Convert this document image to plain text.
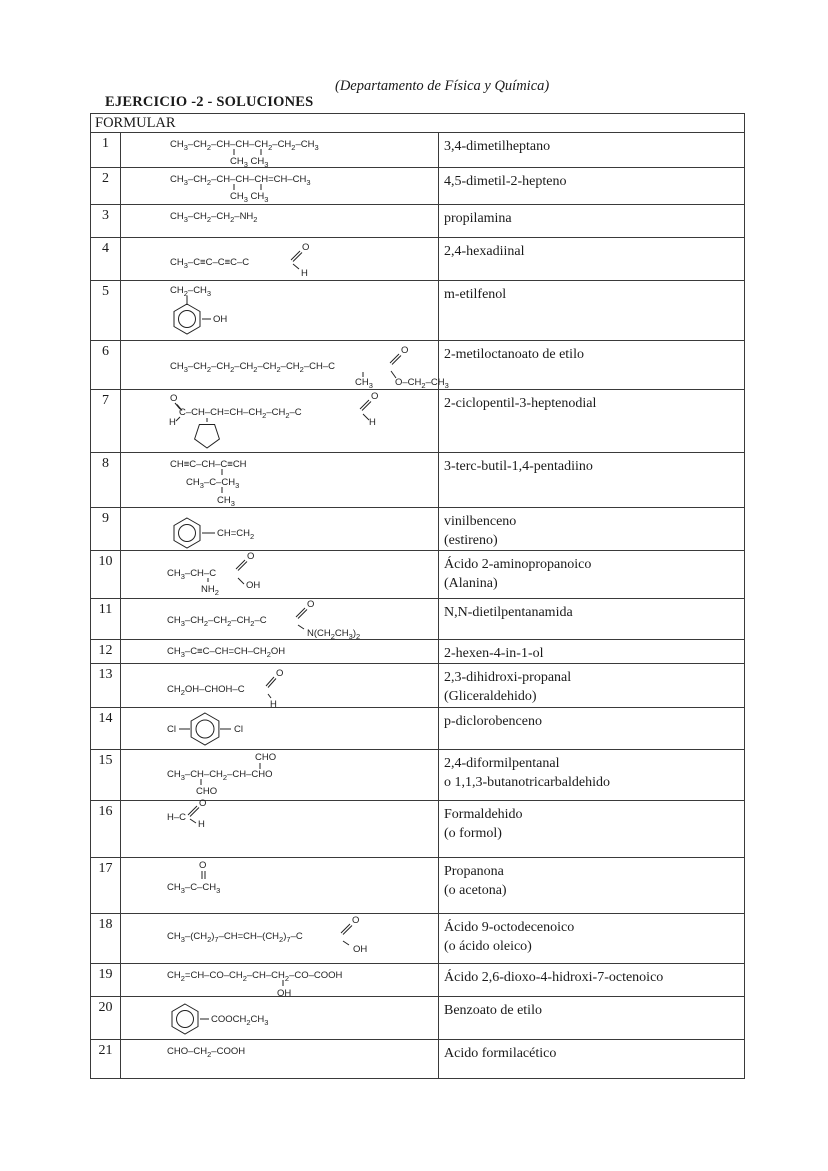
(Departamento de Física y Química)
EJERCICIO -2 - SOLUCIONES
FORMULAR		
1	$CH_3-CH_2-CH-CH-CH_2-CH_2-CH_3$
$CH_3$ $CH_3$	3,4-dimetilheptano

2	$CH_3-CH_2-CH-CH-CH=CH-CH_3$
$CH_3$ $CH_3$	4,5-dimetil-2-hepteno

3	$CH_3-CH_2-CH_2-NH_2$	propilamina

4	$CH_3-C\equiv C-C\equiv C-C$
O
H	2,4-hexadiinal

5	$CH_2-CH_3$
OH	m-etilfenol

6	$CH_3-CH_2-CH_2-CH_2-CH_2-CH_2-CH-C$
O
$CH_3$ $O-CH_2-CH_3$	2-metiloctanoato de etilo

7	O
$C-CH-CH=CH-CH_2-CH_2-C$
O
H
H	2-ciclopentil-3-heptenodial

8	CH≡C–CH–C≡CH
$CH_3-C-CH_3$
$CH_3$	3-terc-butil-1,4-pentadiino

9	$CH=CH_2$	vinilbenceno
(estireno)

10	$CH_3-CH-C$
O
$NH_2$
OH	Ácido 2-aminopropanoico
(Alanina)

11	$CH_3-CH_2-CH_2-CH_2-C$
O
$N(CH_2CH_3)_2$	N,N-dietilpentanamida

12	$CH_3-C\equiv C-CH=CH-CH_2OH$	2-hexen-4-in-1-ol

13	$CH_2OH-CHOH-C$
O
H	2,3-dihidroxi-propanal
(Gliceraldehido)

14	Cl Cl	p-diclorobenceno

15	CHO
$CH_3-CH-CH_2-CH$–CHO
CHO	2,4-diformilpentanal
o 1,1,3-butanotricarbaldehido

16	H–C
O
H	Formaldehido
(o formol)

17	O
$CH_3-C-CH_3$	Propanona
(o acetona)

18	$CH_3-(CH_2)_7-CH=CH-(CH_2)_7-C$
O
OH	Ácido 9-octodecenoico
(o ácido oleico)

19	$CH_2=CH-CO-CH_2-CH-CH_2-CO$–COOH
OH	Ácido 2,6-dioxo-4-hidroxi-7-octenoico

20	$COOCH_2CH_3$	Benzoato de etilo

21	CHO–$CH_2$–COOH	Acido formilacético
